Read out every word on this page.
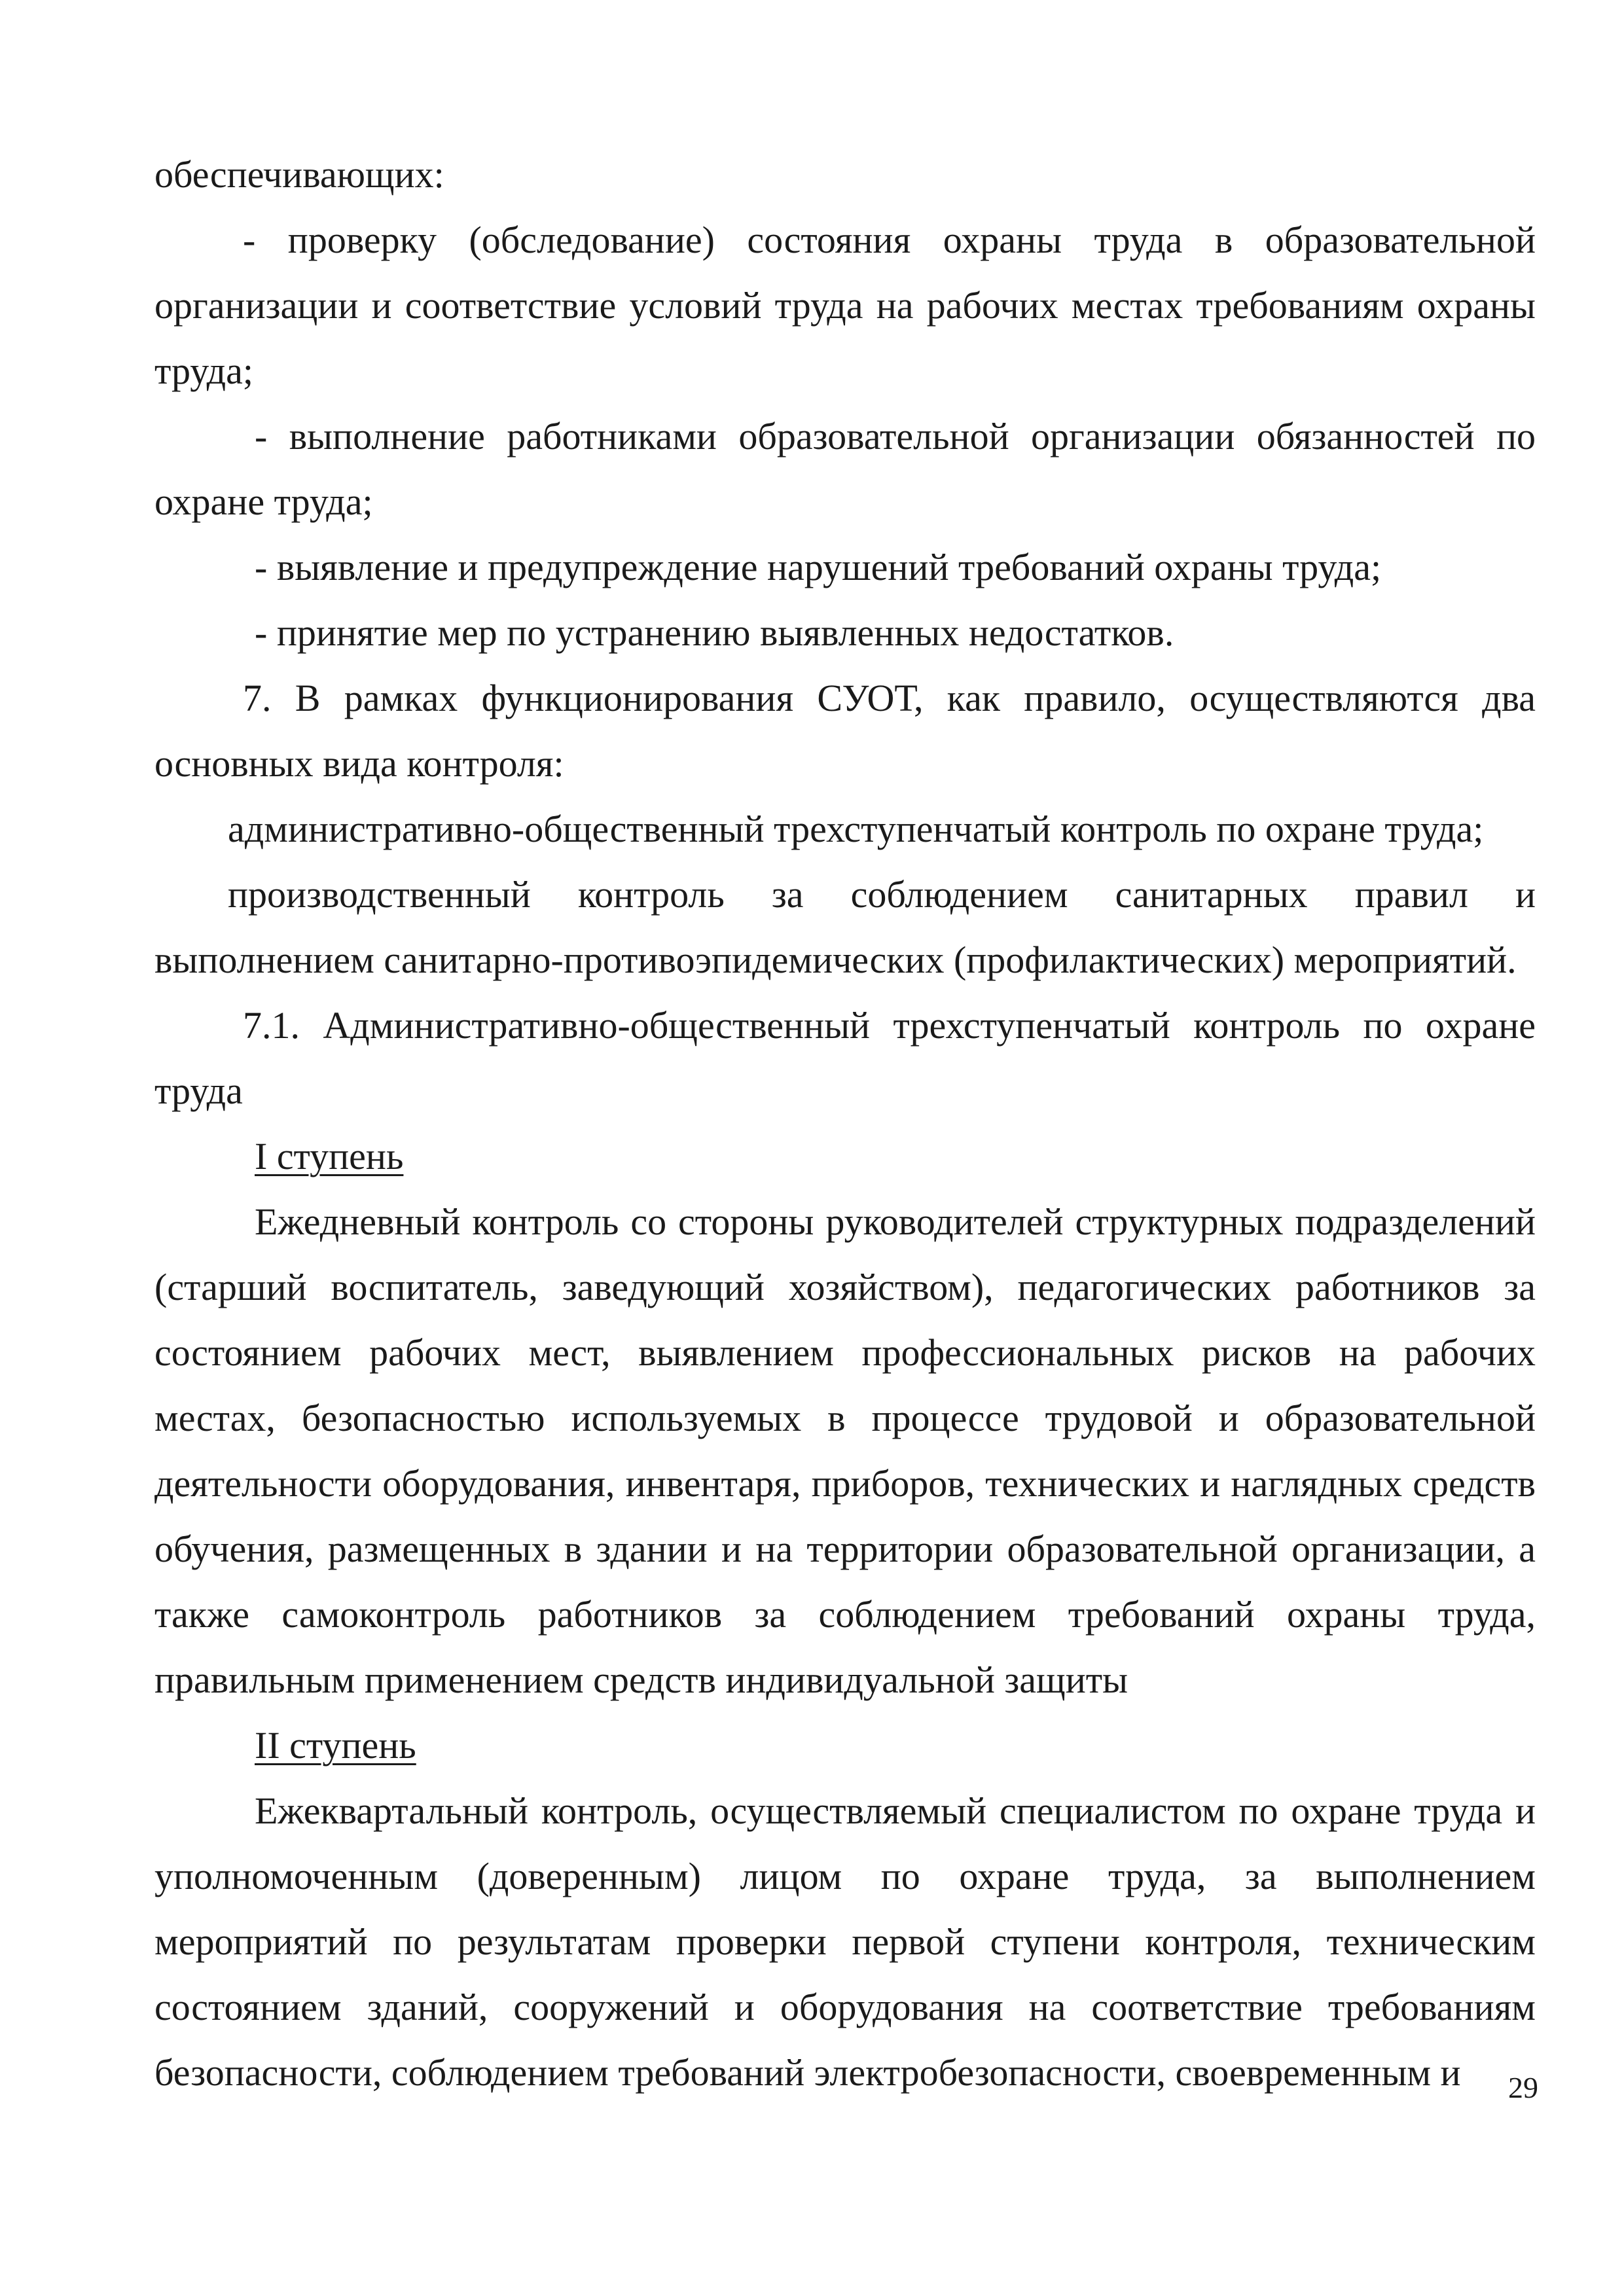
обеспечивающих:

- проверку (обследование) состояния охраны труда в образовательной организации и соответствие условий труда на рабочих местах требованиям охраны труда;

- выполнение работниками образовательной организации обязанностей по охране труда;

- выявление и предупреждение нарушений требований охраны труда;

- принятие мер по устранению выявленных недостатков.

7. В рамках функционирования СУОТ, как правило, осуществляются два основных вида контроля:

административно-общественный трехступенчатый контроль по охране труда;

производственный контроль за соблюдением санитарных правил и выполнением санитарно-противоэпидемических (профилактических) мероприятий.

7.1. Административно-общественный трехступенчатый контроль по охране труда

I ступень

Ежедневный контроль со стороны руководителей структурных подразделений (старший воспитатель, заведующий хозяйством), педагогических работников за состоянием рабочих мест, выявлением профессиональных рисков на рабочих местах, безопасностью используемых в процессе трудовой и образовательной деятельности оборудования, инвентаря, приборов, технических и наглядных средств обучения, размещенных в здании и на территории образовательной организации, а также самоконтроль работников за соблюдением требований охраны труда, правильным применением средств индивидуальной защиты

II ступень

Ежеквартальный контроль, осуществляемый специалистом по охране труда и уполномоченным (доверенным) лицом по охране труда, за выполнением мероприятий по результатам проверки первой ступени контроля, техническим состоянием зданий, сооружений и оборудования на соответствие требованиям безопасности, соблюдением требований электробезопасности, своевременным и	29
